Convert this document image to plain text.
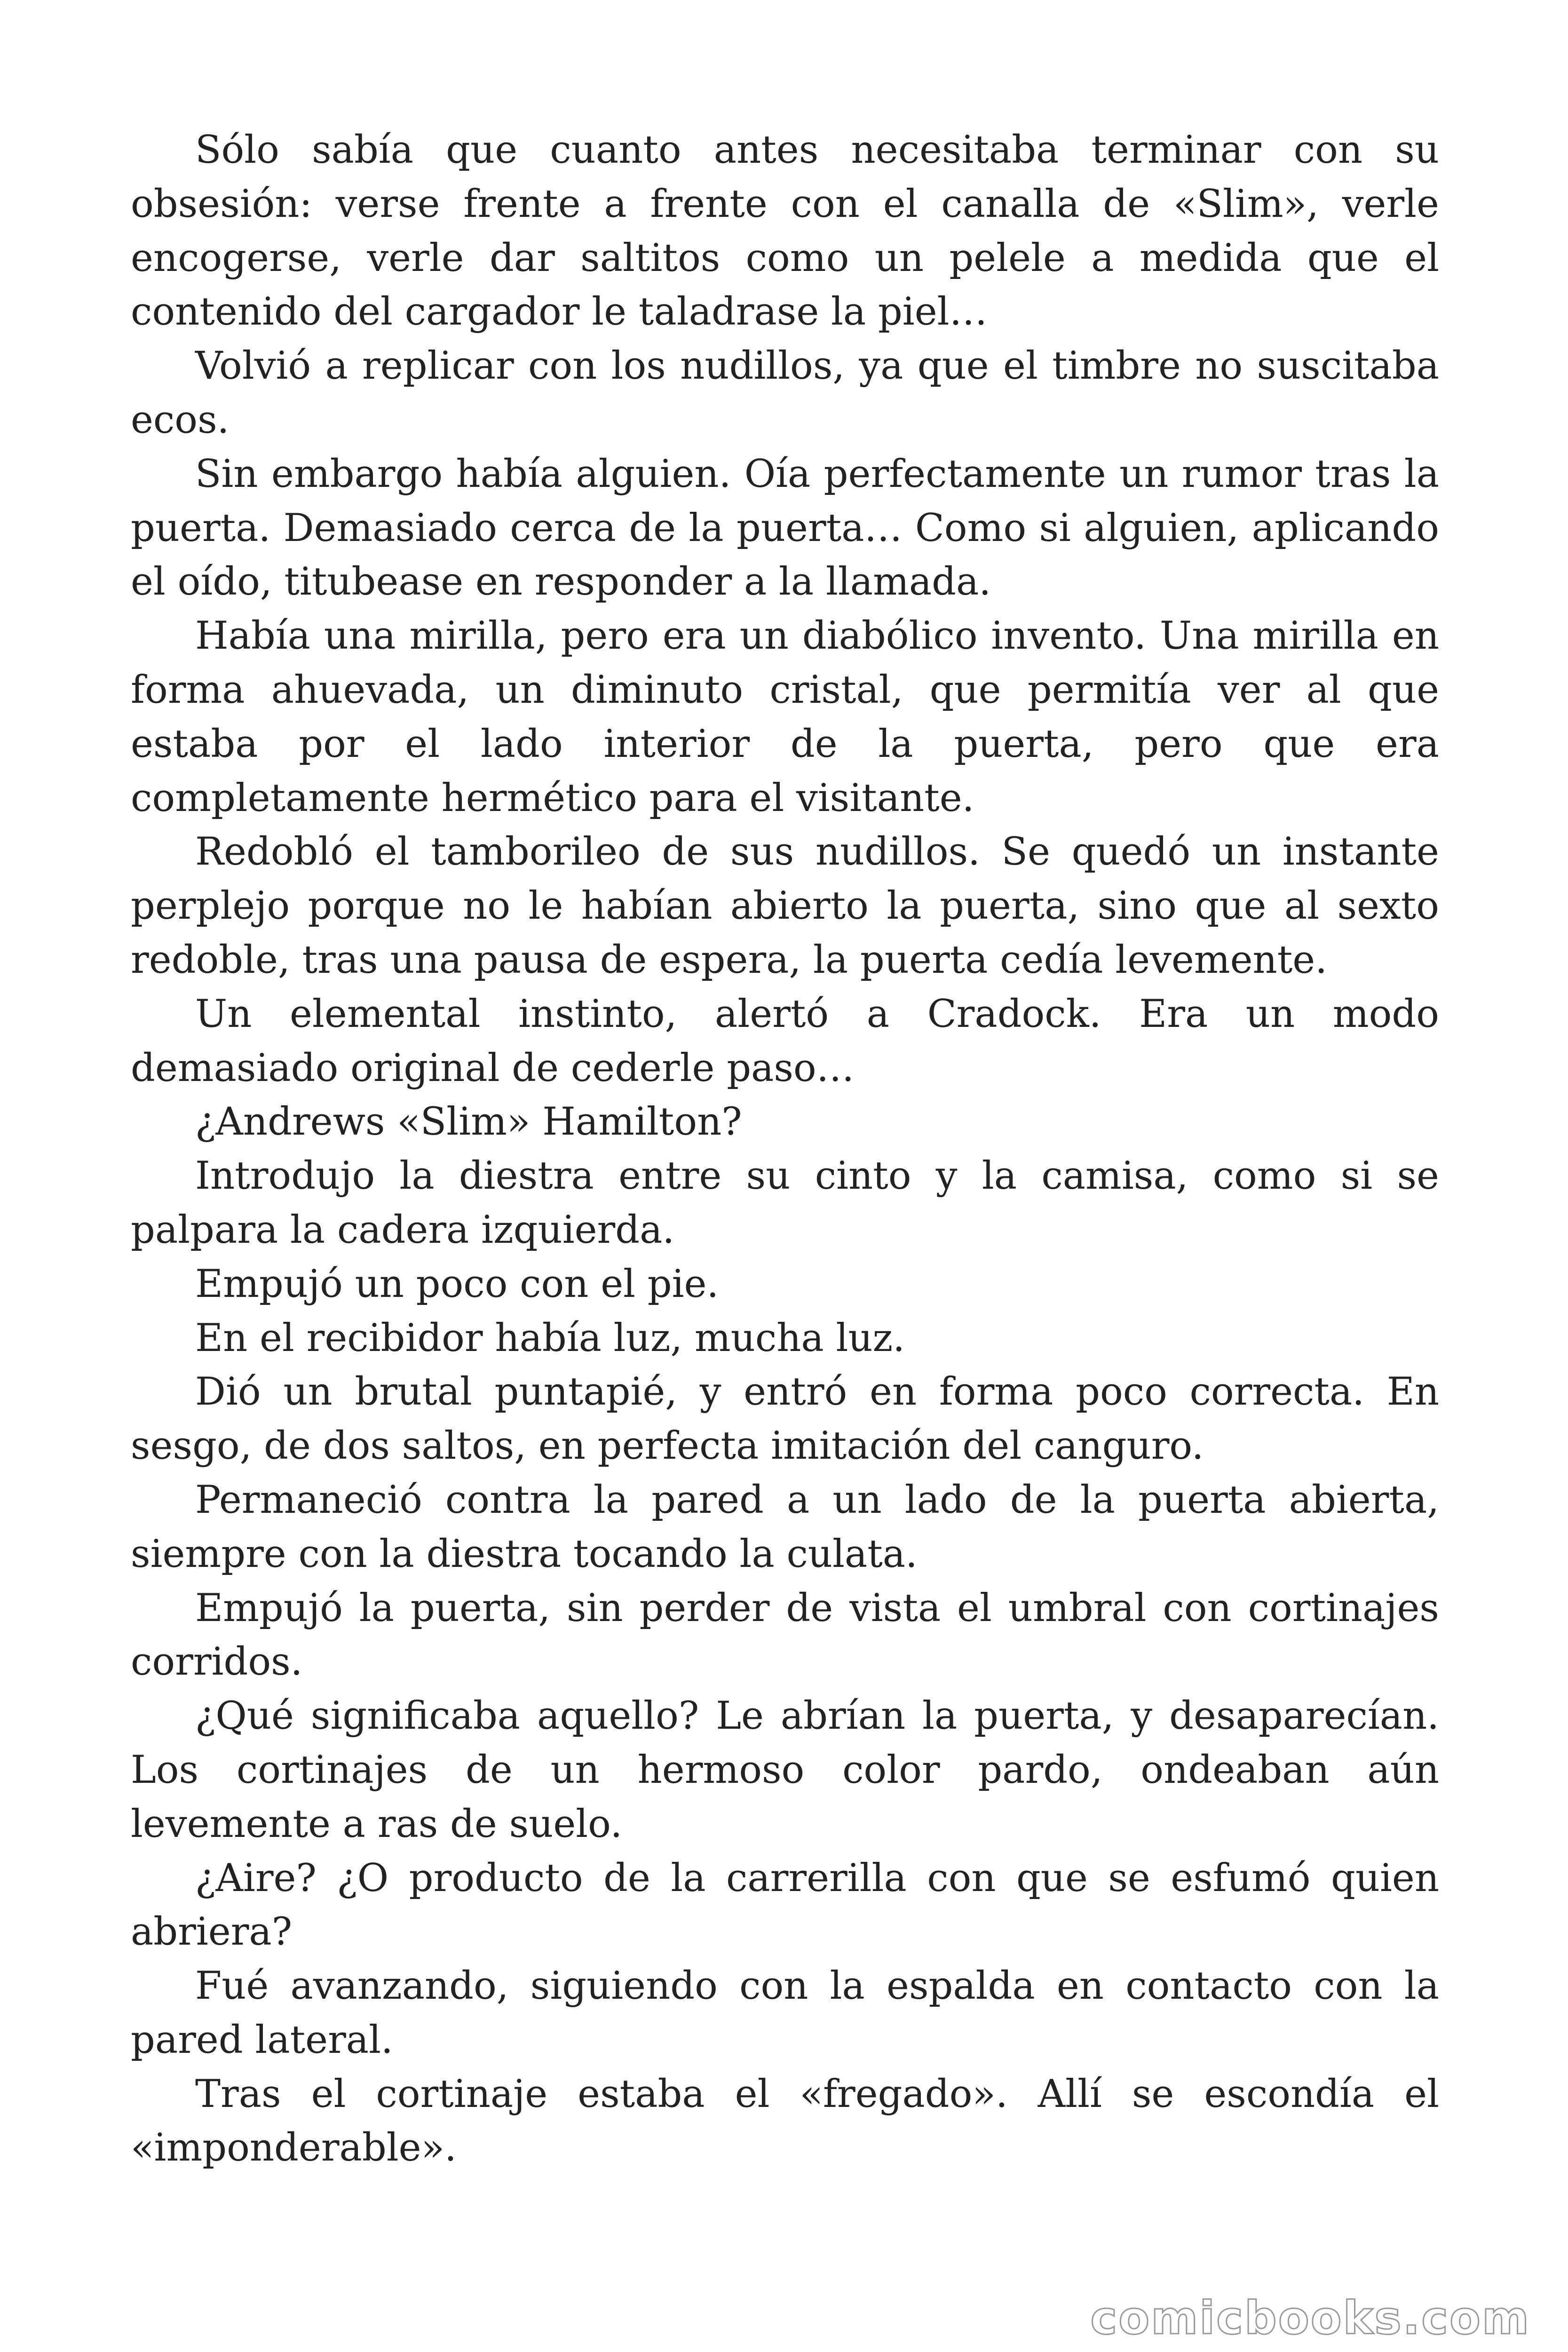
Sólo sabía que cuanto antes necesitaba terminar con su obsesión: verse frente a frente con el canalla de «Slim», verle encogerse, verle dar saltitos como un pelele a medida que el contenido del cargador le taladrase la piel…

Volvió a replicar con los nudillos, ya que el timbre no suscitaba ecos.

Sin embargo había alguien. Oía perfectamente un rumor tras la puerta. Demasiado cerca de la puerta… Como si alguien, aplicando el oído, titubease en responder a la llamada.

Había una mirilla, pero era un diabólico invento. Una mirilla en forma ahuevada, un diminuto cristal, que permitía ver al que estaba por el lado interior de la puerta, pero que era completamente hermético para el visitante.

Redobló el tamborileo de sus nudillos. Se quedó un instante perplejo porque no le habían abierto la puerta, sino que al sexto redoble, tras una pausa de espera, la puerta cedía levemente.

Un elemental instinto, alertó a Cradock. Era un modo demasiado original de cederle paso…

¿Andrews «Slim» Hamilton?

Introdujo la diestra entre su cinto y la camisa, como si se palpara la cadera izquierda.

Empujó un poco con el pie.

En el recibidor había luz, mucha luz.

Dió un brutal puntapié, y entró en forma poco correcta. En sesgo, de dos saltos, en perfecta imitación del canguro.

Permaneció contra la pared a un lado de la puerta abierta, siempre con la diestra tocando la culata.

Empujó la puerta, sin perder de vista el umbral con cortinajes corridos.

¿Qué significaba aquello? Le abrían la puerta, y desaparecían. Los cortinajes de un hermoso color pardo, ondeaban aún levemente a ras de suelo.

¿Aire? ¿O producto de la carrerilla con que se esfumó quien abriera?

Fué avanzando, siguiendo con la espalda en contacto con la pared lateral.

Tras el cortinaje estaba el «fregado». Allí se escondía el «imponderable».

comicbooks.com
